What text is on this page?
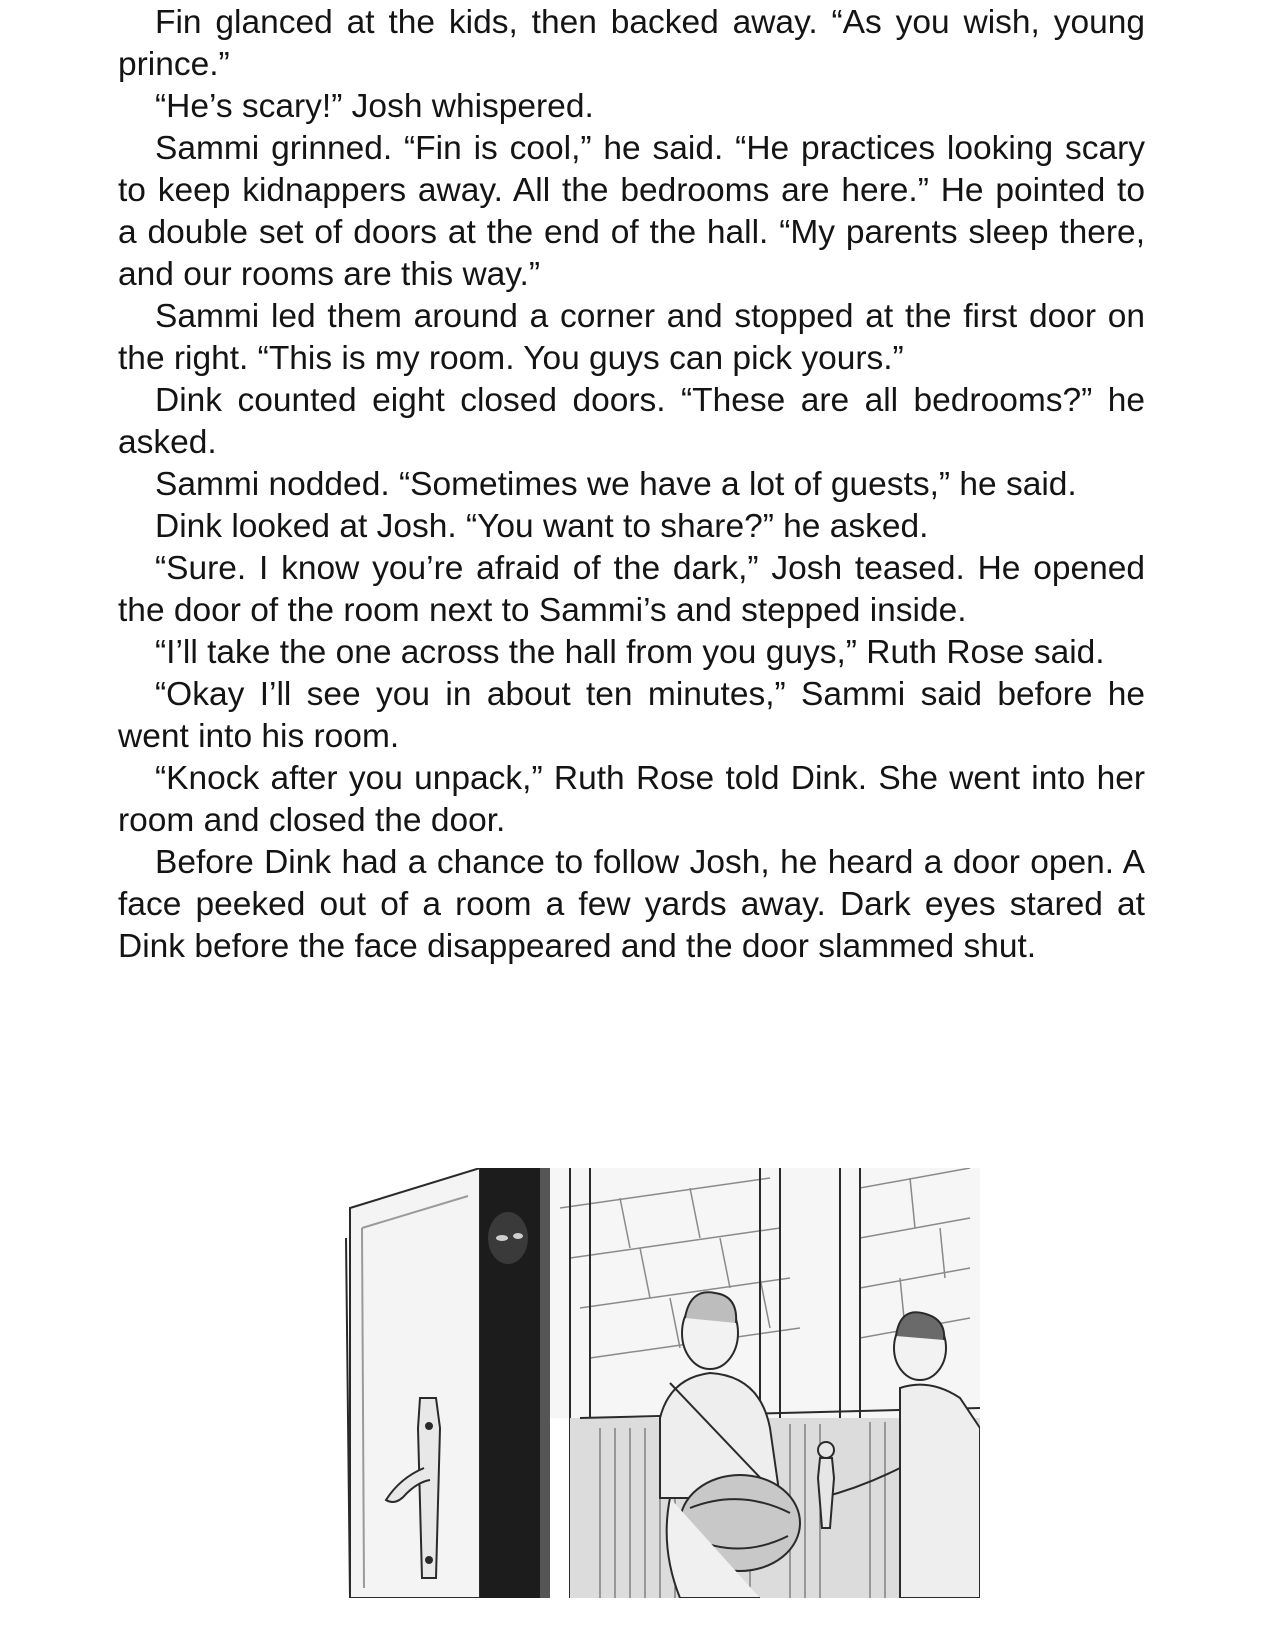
Fin glanced at the kids, then backed away. “As you wish, young prince.”

“He’s scary!” Josh whispered.

Sammi grinned. “Fin is cool,” he said. “He practices looking scary to keep kidnappers away. All the bedrooms are here.” He pointed to a double set of doors at the end of the hall. “My parents sleep there, and our rooms are this way.”

Sammi led them around a corner and stopped at the first door on the right. “This is my room. You guys can pick yours.”

Dink counted eight closed doors. “These are all bedrooms?” he asked.

Sammi nodded. “Sometimes we have a lot of guests,” he said.

Dink looked at Josh. “You want to share?” he asked.

“Sure. I know you’re afraid of the dark,” Josh teased. He opened the door of the room next to Sammi’s and stepped inside.

“I’ll take the one across the hall from you guys,” Ruth Rose said.

“Okay I’ll see you in about ten minutes,” Sammi said before he went into his room.

“Knock after you unpack,” Ruth Rose told Dink. She went into her room and closed the door.

Before Dink had a chance to follow Josh, he heard a door open. A face peeked out of a room a few yards away. Dark eyes stared at Dink before the face disappeared and the door slammed shut.
